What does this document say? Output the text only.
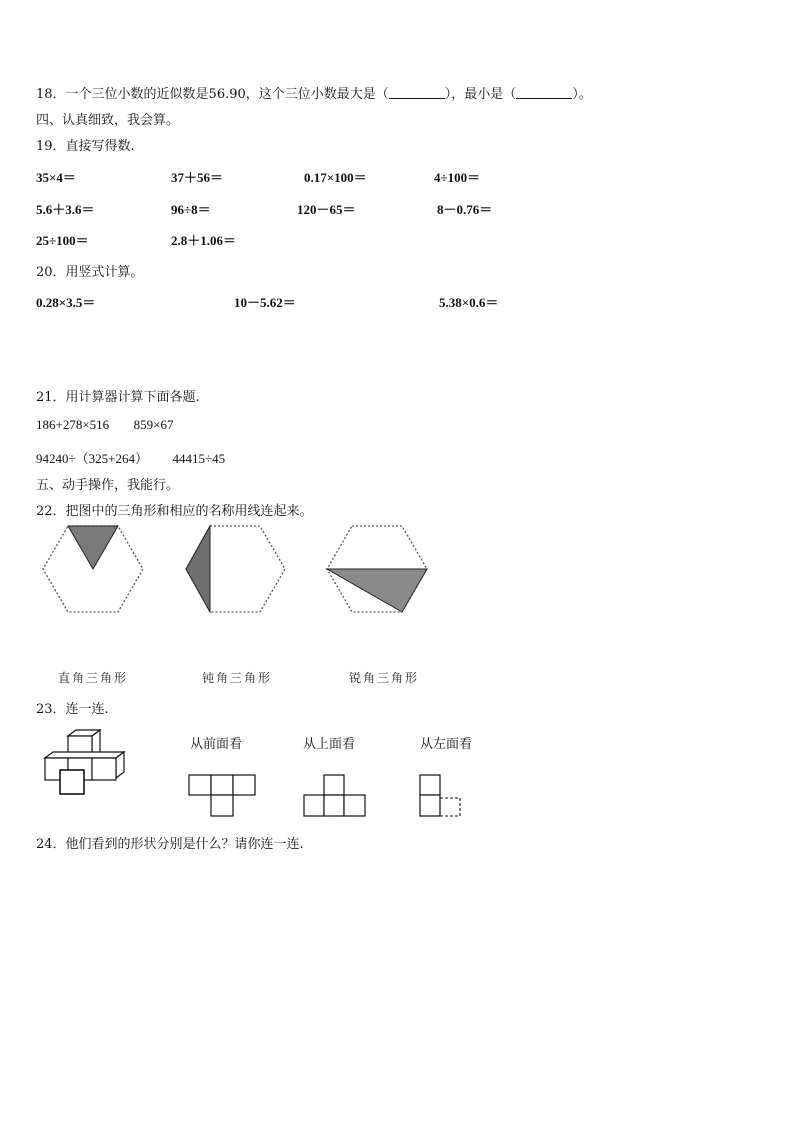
18．一个三位小数的近似数是56.90，这个三位小数最大是（	），最小是（	）。
四、认真细致，我会算。
19．直接写得数.
35×4＝	37＋56＝	0.17×100＝	4÷100＝
5.6＋3.6＝	96÷8＝	120－65＝	8－0.76＝
25÷100＝	2.8＋1.06＝
20．用竖式计算。
0.28×3.5＝	10－5.62＝	5.38×0.6＝
21．用计算器计算下面各题.
186+278×516 859×67
94240÷（325+264） 44415÷45
五、动手操作，我能行。
22．把图中的三角形和相应的名称用线连起来。
直角三角形	钝角三角形	锐角三角形
23．连一连.
从前面看	从上面看	从左面看
24．他们看到的形状分别是什么？请你连一连.
